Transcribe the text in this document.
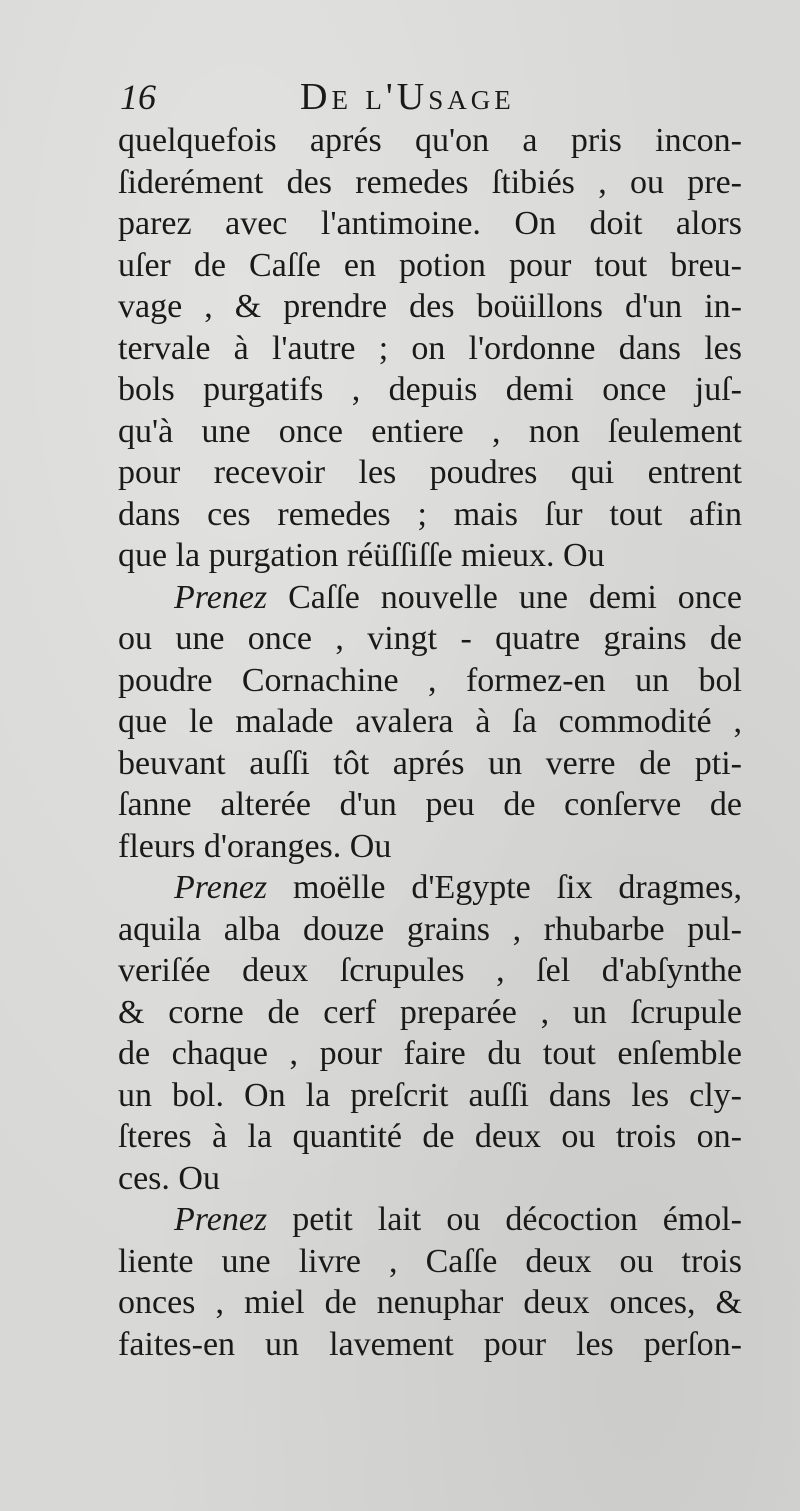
16	De l'Usage
quelquefois aprés qu'on a pris incon-
ſiderément des remedes ſtibiés , ou pre-
parez avec l'antimoine. On doit alors
uſer de Caſſe en potion pour tout breu-
vage , & prendre des boüillons d'un in-
tervale à l'autre ; on l'ordonne dans les
bols purgatifs , depuis demi once juſ-
qu'à une once entiere , non ſeulement
pour recevoir les poudres qui entrent
dans ces remedes ; mais ſur tout afin
que la purgation réüſſiſſe mieux. Ou
Prenez Caſſe nouvelle une demi once
ou une once , vingt - quatre grains de
poudre Cornachine , formez-en un bol
que le malade avalera à ſa commodité ,
beuvant auſſi tôt aprés un verre de pti-
ſanne alterée d'un peu de conſerve de
fleurs d'oranges. Ou
Prenez moëlle d'Egypte ſix dragmes,
aquila alba douze grains , rhubarbe pul-
veriſée deux ſcrupules , ſel d'abſynthe
& corne de cerf preparée , un ſcrupule
de chaque , pour faire du tout enſemble
un bol. On la preſcrit auſſi dans les cly-
ſteres à la quantité de deux ou trois on-
ces. Ou
Prenez petit lait ou décoction émol-
liente une livre , Caſſe deux ou trois
onces , miel de nenuphar deux onces, &
faites-en un lavement pour les perſon-
